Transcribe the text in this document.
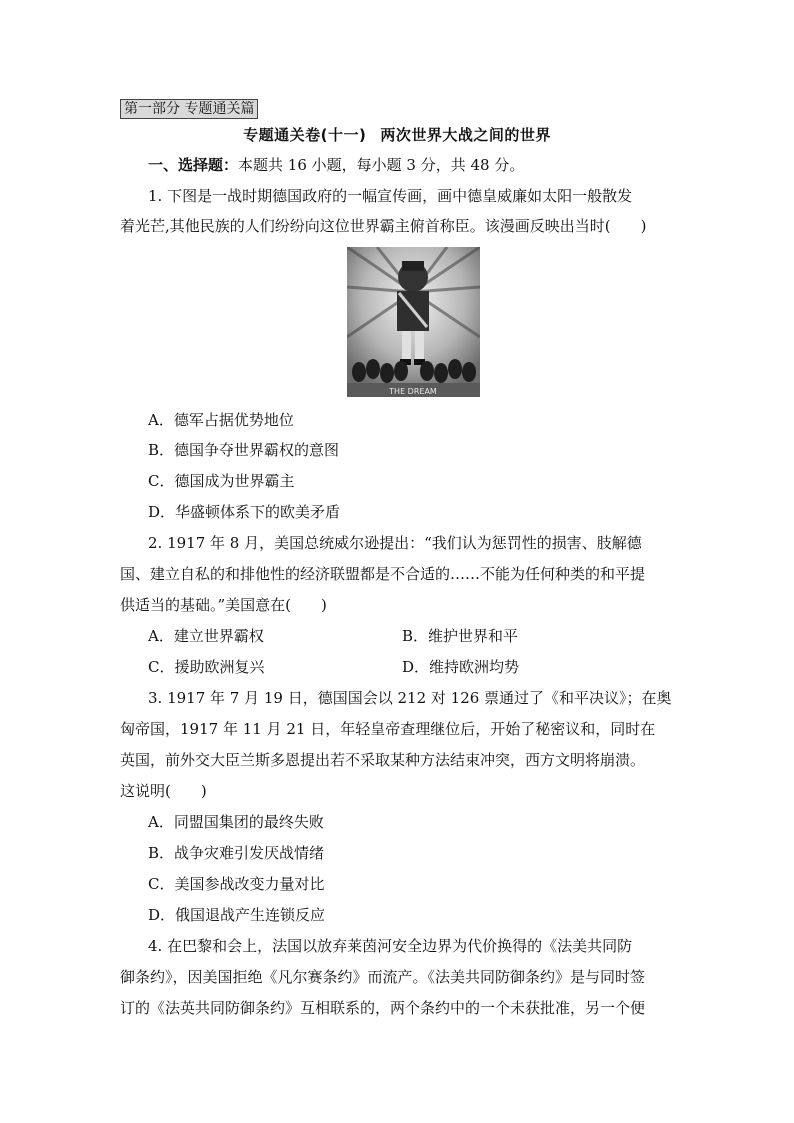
第一部分 专题通关篇
专题通关卷(十一) 两次世界大战之间的世界
一、选择题：本题共 16 小题，每小题 3 分，共 48 分。
1. 下图是一战时期德国政府的一幅宣传画，画中德皇威廉如太阳一般散发
着光芒,其他民族的人们纷纷向这位世界霸主俯首称臣。该漫画反映出当时(　　)
THE DREAM
A．德军占据优势地位
B．德国争夺世界霸权的意图
C．德国成为世界霸主
D．华盛顿体系下的欧美矛盾
2. 1917 年 8 月，美国总统威尔逊提出：“我们认为惩罚性的损害、肢解德
国、建立自私的和排他性的经济联盟都是不合适的……不能为任何种类的和平提
供适当的基础。”美国意在(　　)
A．建立世界霸权	B．维护世界和平
C．援助欧洲复兴	D．维持欧洲均势
3. 1917 年 7 月 19 日，德国国会以 212 对 126 票通过了《和平决议》；在奥
匈帝国，1917 年 11 月 21 日，年轻皇帝查理继位后，开始了秘密议和，同时在
英国，前外交大臣兰斯多恩提出若不采取某种方法结束冲突，西方文明将崩溃。
这说明(　　)
A．同盟国集团的最终失败
B．战争灾难引发厌战情绪
C．美国参战改变力量对比
D．俄国退战产生连锁反应
4. 在巴黎和会上，法国以放弃莱茵河安全边界为代价换得的《法美共同防
御条约》，因美国拒绝《凡尔赛条约》而流产。《法美共同防御条约》是与同时签
订的《法英共同防御条约》互相联系的，两个条约中的一个未获批准，另一个便
